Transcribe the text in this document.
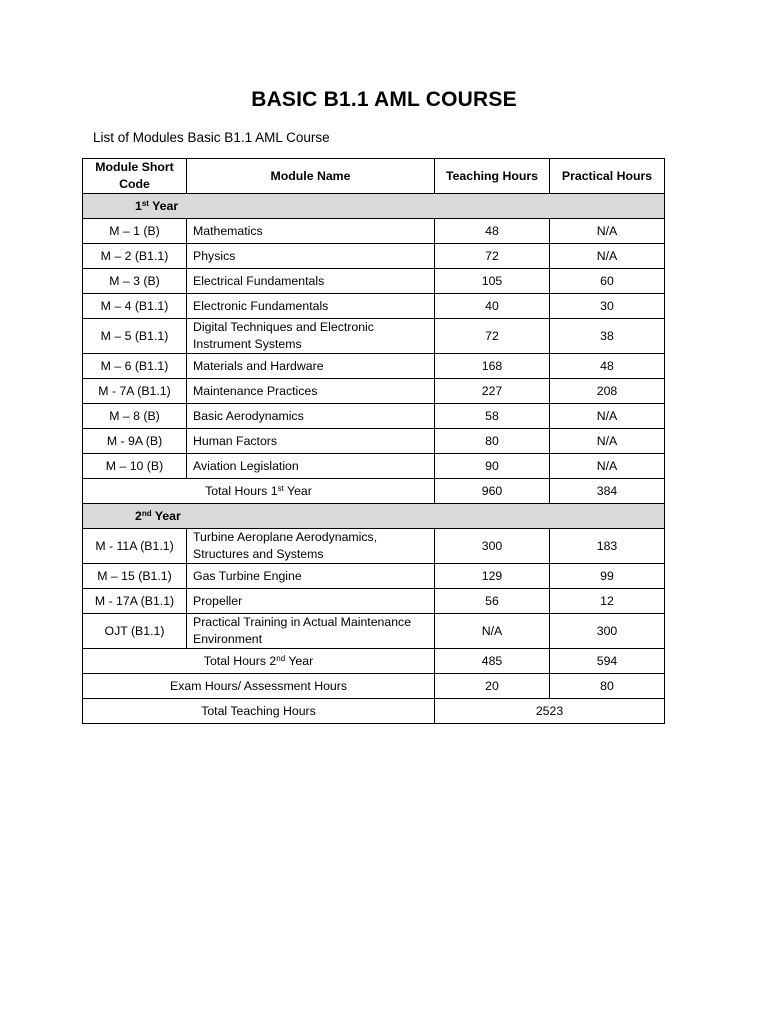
BASIC B1.1 AML COURSE
List of Modules Basic B1.1 AML Course
Module Short Code	Module Name	Teaching Hours	Practical Hours
1st Year			
M – 1 (B)	Mathematics	48	N/A
M – 2 (B1.1)	Physics	72	N/A
M – 3 (B)	Electrical Fundamentals	105	60
M – 4 (B1.1)	Electronic Fundamentals	40	30
M – 5 (B1.1)	Digital Techniques and Electronic Instrument Systems	72	38
M – 6 (B1.1)	Materials and Hardware	168	48
M - 7A (B1.1)	Maintenance Practices	227	208
M – 8 (B)	Basic Aerodynamics	58	N/A
M - 9A (B)	Human Factors	80	N/A
M – 10 (B)	Aviation Legislation	90	N/A
Total Hours 1st Year		960	384
2nd Year			
M - 11A (B1.1)	Turbine Aeroplane Aerodynamics, Structures and Systems	300	183
M – 15 (B1.1)	Gas Turbine Engine	129	99
M - 17A (B1.1)	Propeller	56	12
OJT (B1.1)	Practical Training in Actual Maintenance Environment	N/A	300
Total Hours 2nd Year		485	594
Exam Hours/ Assessment Hours		20	80
Total Teaching Hours		2523	
